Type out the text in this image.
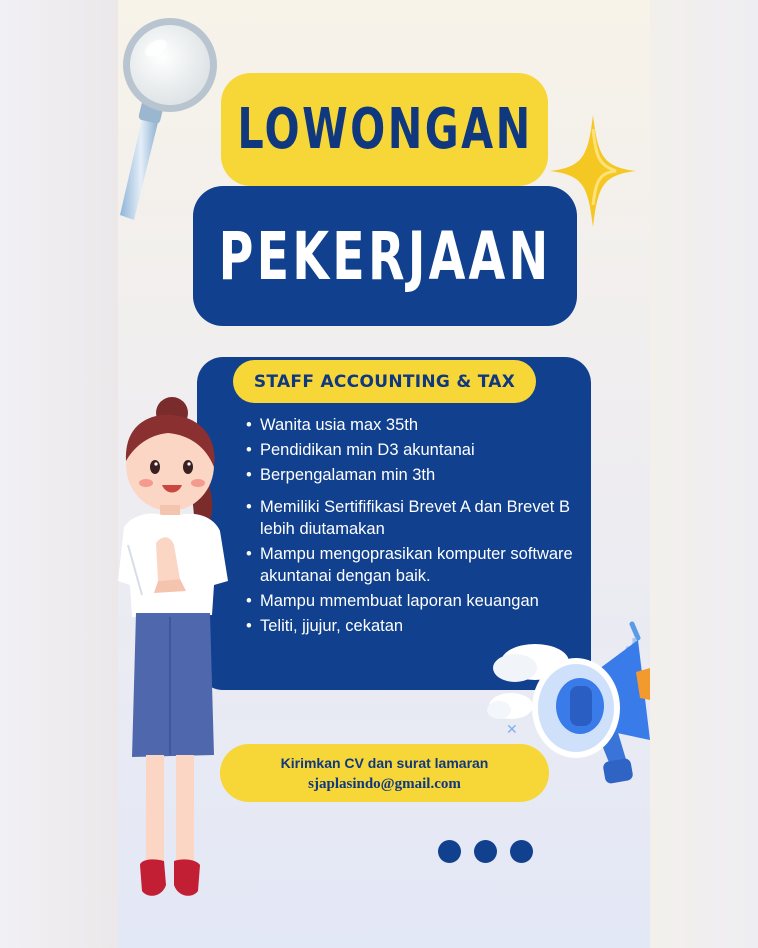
LOWONGAN
PEKERJAAN
STAFF ACCOUNTING & TAX
• Wanita usia max 35th
• Pendidikan min D3 akuntanai
• Berpengalaman min 3th
• Memiliki Sertififikasi Brevet A dan Brevet B lebih diutamakan
• Mampu mengoprasikan komputer software akuntanai dengan baik.
• Mampu mmembuat laporan keuangan
• Teliti, jjujur, cekatan
✕
Kirimkan CV dan surat lamaran
sjaplasindo@gmail.com
